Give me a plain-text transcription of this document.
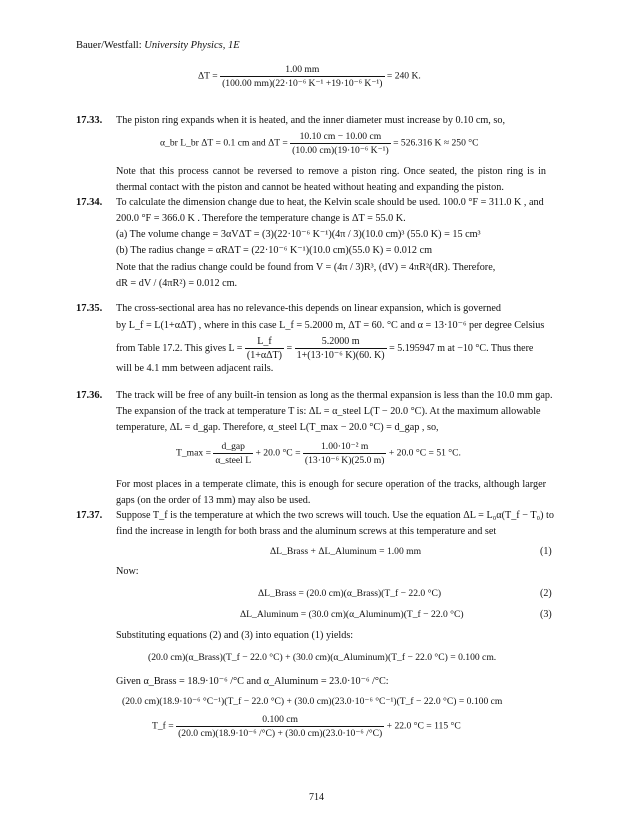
Bauer/Westfall: University Physics, 1E
$\Delta T = \frac{1.00 mm}{\text{(100.00 mm)(22·10⁻⁶ K⁻¹ +19·10⁻⁶ K⁻¹)}} = 240$ K.
17.33. The piston ring expands when it is heated, and the inner diameter must increase by 0.10 cm, so,
α_br L_br ΔT = 0.1 cm and $\Delta T = \frac{10.10 cm - 10.00 cm}{\text{(10.00 cm)(19·10⁻⁶ K⁻¹)}} = 526.316$ K ≈ 250 °C
Note that this process cannot be reversed to remove a piston ring. Once seated, the piston ring is in thermal contact with the piston and cannot be heated without heating and expanding the piston.
17.34. To calculate the dimension change due to heat, the Kelvin scale should be used. 100.0 °F = 311.0 K , and
200.0 °F = 366.0 K . Therefore the temperature change is ΔT = 55.0 K.
(a) The volume change = 3αVΔT = (3)(22·10⁻⁶ K⁻¹)(4π / 3)(10.0 cm)³ (55.0 K) = 15 cm³
(b) The radius change = αRΔT = (22·10⁻⁶ K⁻¹)(10.0 cm)(55.0 K) = 0.012 cm
Note that the radius change could be found from V = (4π / 3)R³, (dV) = 4πR²(dR). Therefore,
dR = dV / (4πR²) = 0.012 cm.
17.35. The cross-sectional area has no relevance-this depends on linear expansion, which is governed
by L_f = L(1+αΔT) , where in this case L_f = 5.2000 m, ΔT = 60. °C and α = 13·10⁻⁶ per degree Celsius
from Table 17.2. This gives $L = \frac{L\_f}{\text{(1+αΔT)}} = \frac{5.2000 m}{\text{1+(13·10⁻⁶ K)(60. K)}} = 5.195947$ m at −10 °C. Thus there
will be 4.1 mm between adjacent rails.
17.36. The track will be free of any built-in tension as long as the thermal expansion is less than the 10.0 mm gap.
The expansion of the track at temperature T is: ΔL = α_steel L(T − 20.0 °C). At the maximum allowable
temperature, ΔL = d_gap. Therefore, α_steel L(T_max − 20.0 °C) = d_gap , so,
T_max = $\frac{\text{d\_gap}}{\text{α\_steel L}} + 20.0$ $^\circ C = \frac{\text{1.00·10⁻² m}}{\text{(13·10⁻⁶ K)(25.0 m)}} + 20.0$ °C = 51 °C.
For most places in a temperate climate, this is enough for secure operation of the tracks, although larger gaps (on the order of 13 mm) may also be used.
17.37. Suppose T_f is the temperature at which the two screws will touch. Use the equation ΔL = L₀α(T_f − T₀) to
find the increase in length for both brass and the aluminum screws at this temperature and set
ΔL_Brass + ΔL_Aluminum = 1.00 mm	(1)
Now:
ΔL_Brass = (20.0 cm)(α_Brass)(T_f − 22.0 °C)	(2)
ΔL_Aluminum = (30.0 cm)(α_Aluminum)(T_f − 22.0 °C)	(3)
Substituting equations (2) and (3) into equation (1) yields:
(20.0 cm)(α_Brass)(T_f − 22.0 °C) + (30.0 cm)(α_Aluminum)(T_f − 22.0 °C) = 0.100 cm.
Given α_Brass = 18.9·10⁻⁶ /°C and α_Aluminum = 23.0·10⁻⁶ /°C:
(20.0 cm)(18.9·10⁻⁶ °C⁻¹)(T_f − 22.0 °C) + (30.0 cm)(23.0·10⁻⁶ °C⁻¹)(T_f − 22.0 °C) = 0.100 cm
T_f = $\frac{0.100 cm}{\text{(20.0 cm)(18.9·10⁻⁶ /°C) + (30.0 cm)(23.0·10⁻⁶ /°C)}} + 22.0$ °C = 115 °C
714
